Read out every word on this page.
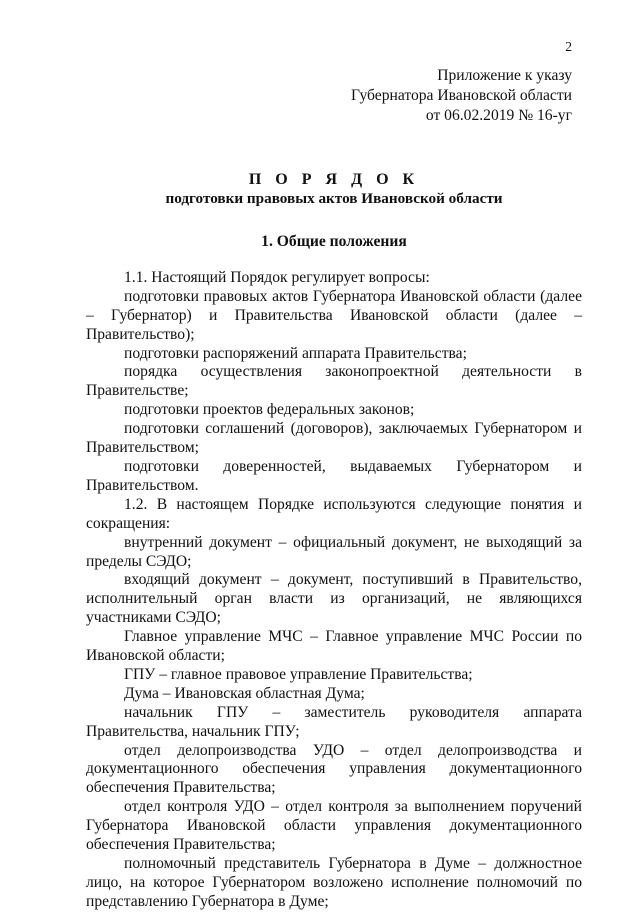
2
Приложение к указу
Губернатора Ивановской области
от 06.02.2019 № 16-уг
П О Р Я Д О К
подготовки правовых актов Ивановской области
1. Общие положения

1.1. Настоящий Порядок регулирует вопросы:

подготовки правовых актов Губернатора Ивановской области (далее – Губернатор) и Правительства Ивановской области (далее – Правительство);

подготовки распоряжений аппарата Правительства;

порядка осуществления законопроектной деятельности в Правительстве;

подготовки проектов федеральных законов;

подготовки соглашений (договоров), заключаемых Губернатором и Правительством;

подготовки доверенностей, выдаваемых Губернатором и Правительством.

1.2. В настоящем Порядке используются следующие понятия и сокращения:

внутренний документ – официальный документ, не выходящий за пределы СЭДО;

входящий документ – документ, поступивший в Правительство, исполнительный орган власти из организаций, не являющихся участниками СЭДО;

Главное управление МЧС – Главное управление МЧС России по Ивановской области;

ГПУ – главное правовое управление Правительства;

Дума – Ивановская областная Дума;

начальник ГПУ – заместитель руководителя аппарата Правительства, начальник ГПУ;

отдел делопроизводства УДО – отдел делопроизводства и документационного обеспечения управления документационного обеспечения Правительства;

отдел контроля УДО – отдел контроля за выполнением поручений Губернатора Ивановской области управления документационного обеспечения Правительства;

полномочный представитель Губернатора в Думе – должностное лицо, на которое Губернатором возложено исполнение полномочий по представлению Губернатора в Думе;
